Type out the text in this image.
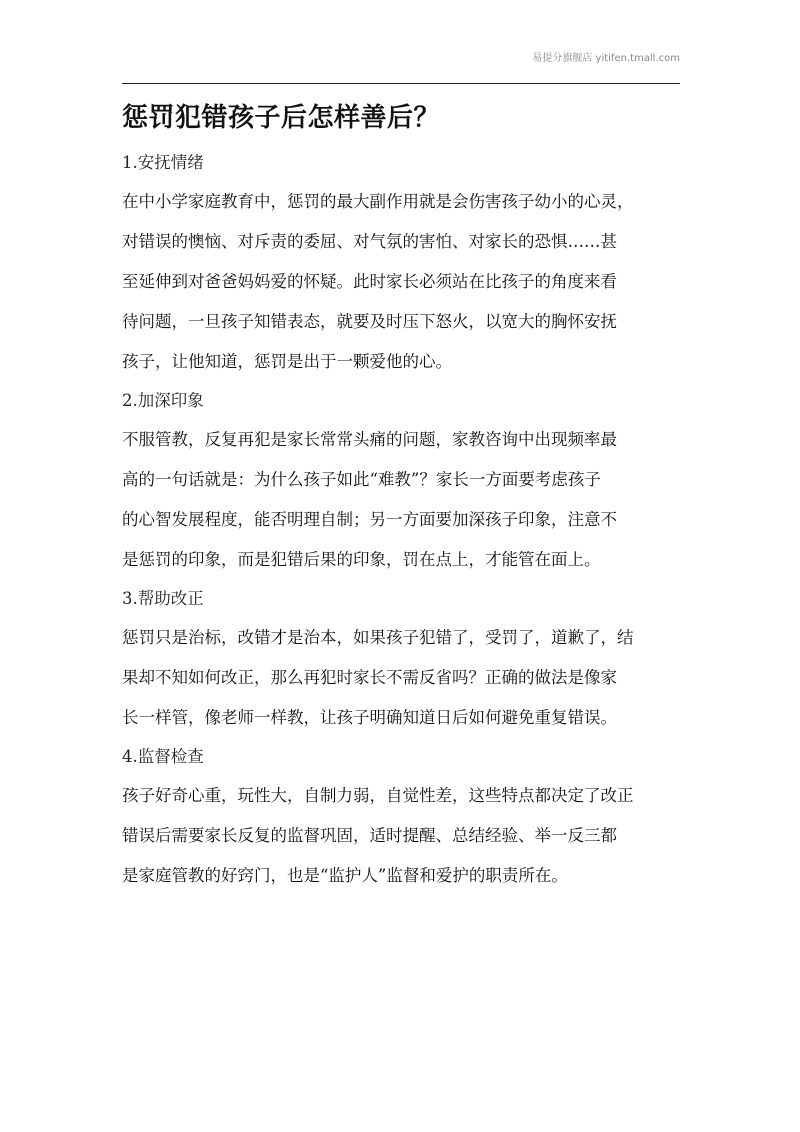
易提分旗舰店 yitifen.tmall.com
惩罚犯错孩子后怎样善后？
1.安抚情绪

在中小学家庭教育中，惩罚的最大副作用就是会伤害孩子幼小的心灵，
对错误的懊恼、对斥责的委屈、对气氛的害怕、对家长的恐惧……甚
至延伸到对爸爸妈妈爱的怀疑。此时家长必须站在比孩子的角度来看
待问题，一旦孩子知错表态，就要及时压下怒火，以宽大的胸怀安抚
孩子，让他知道，惩罚是出于一颗爱他的心。

2.加深印象

不服管教，反复再犯是家长常常头痛的问题，家教咨询中出现频率最
高的一句话就是：为什么孩子如此“难教”？家长一方面要考虑孩子
的心智发展程度，能否明理自制；另一方面要加深孩子印象，注意不
是惩罚的印象，而是犯错后果的印象，罚在点上，才能管在面上。

3.帮助改正

惩罚只是治标，改错才是治本，如果孩子犯错了，受罚了，道歉了，结
果却不知如何改正，那么再犯时家长不需反省吗？正确的做法是像家
长一样管，像老师一样教，让孩子明确知道日后如何避免重复错误。

4.监督检查

孩子好奇心重，玩性大，自制力弱，自觉性差，这些特点都决定了改正
错误后需要家长反复的监督巩固，适时提醒、总结经验、举一反三都
是家庭管教的好窍门，也是“监护人”监督和爱护的职责所在。
